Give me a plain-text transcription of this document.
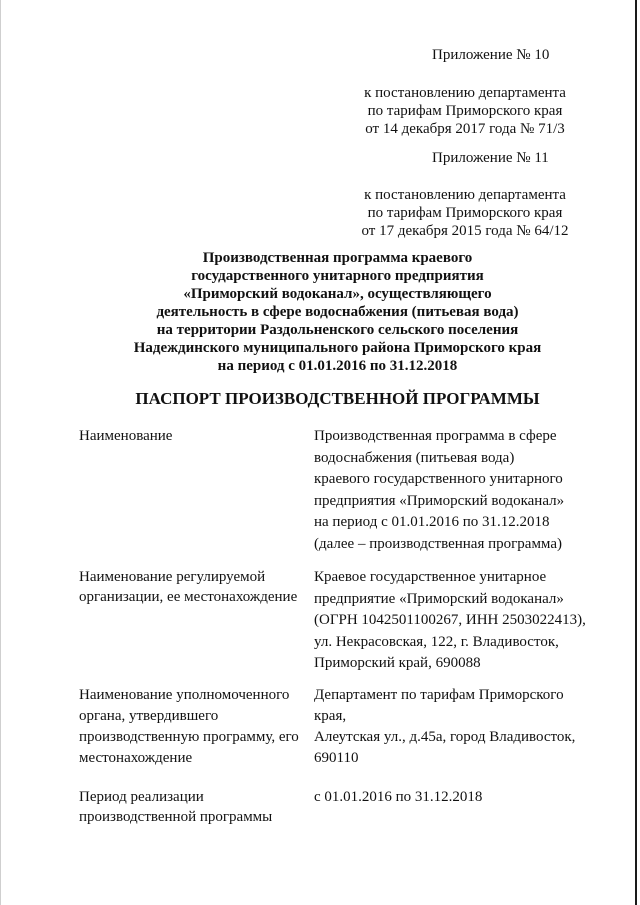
Приложение № 10
к постановлению департамента
по тарифам Приморского края
от 14 декабря 2017 года № 71/3
Приложение № 11
к постановлению департамента
по тарифам Приморского края
от 17 декабря 2015 года № 64/12
Производственная программа краевого
государственного унитарного предприятия
«Приморский водоканал», осуществляющего
деятельность в сфере водоснабжения (питьевая вода)
на территории Раздольненского сельского поселения
Надеждинского муниципального района Приморского края
на период с 01.01.2016 по 31.12.2018
ПАСПОРТ ПРОИЗВОДСТВЕННОЙ ПРОГРАММЫ
Наименование	Производственная программа в сфере
водоснабжения (питьевая вода)
краевого государственного унитарного
предприятия «Приморский водоканал»
на период с 01.01.2016 по 31.12.2018
(далее – производственная программа)
Наименование регулируемой
организации, ее местонахождение
Краевое государственное унитарное
предприятие «Приморский водоканал»
(ОГРН 1042501100267, ИНН 2503022413),
ул. Некрасовская, 122, г. Владивосток,
Приморский край, 690088
Наименование уполномоченного
органа, утвердившего
производственную программу, его
местонахождение
Департамент по тарифам Приморского
края,
Алеутская ул., д.45а, город Владивосток,
690110
Период реализации
производственной программы
с 01.01.2016 по 31.12.2018
